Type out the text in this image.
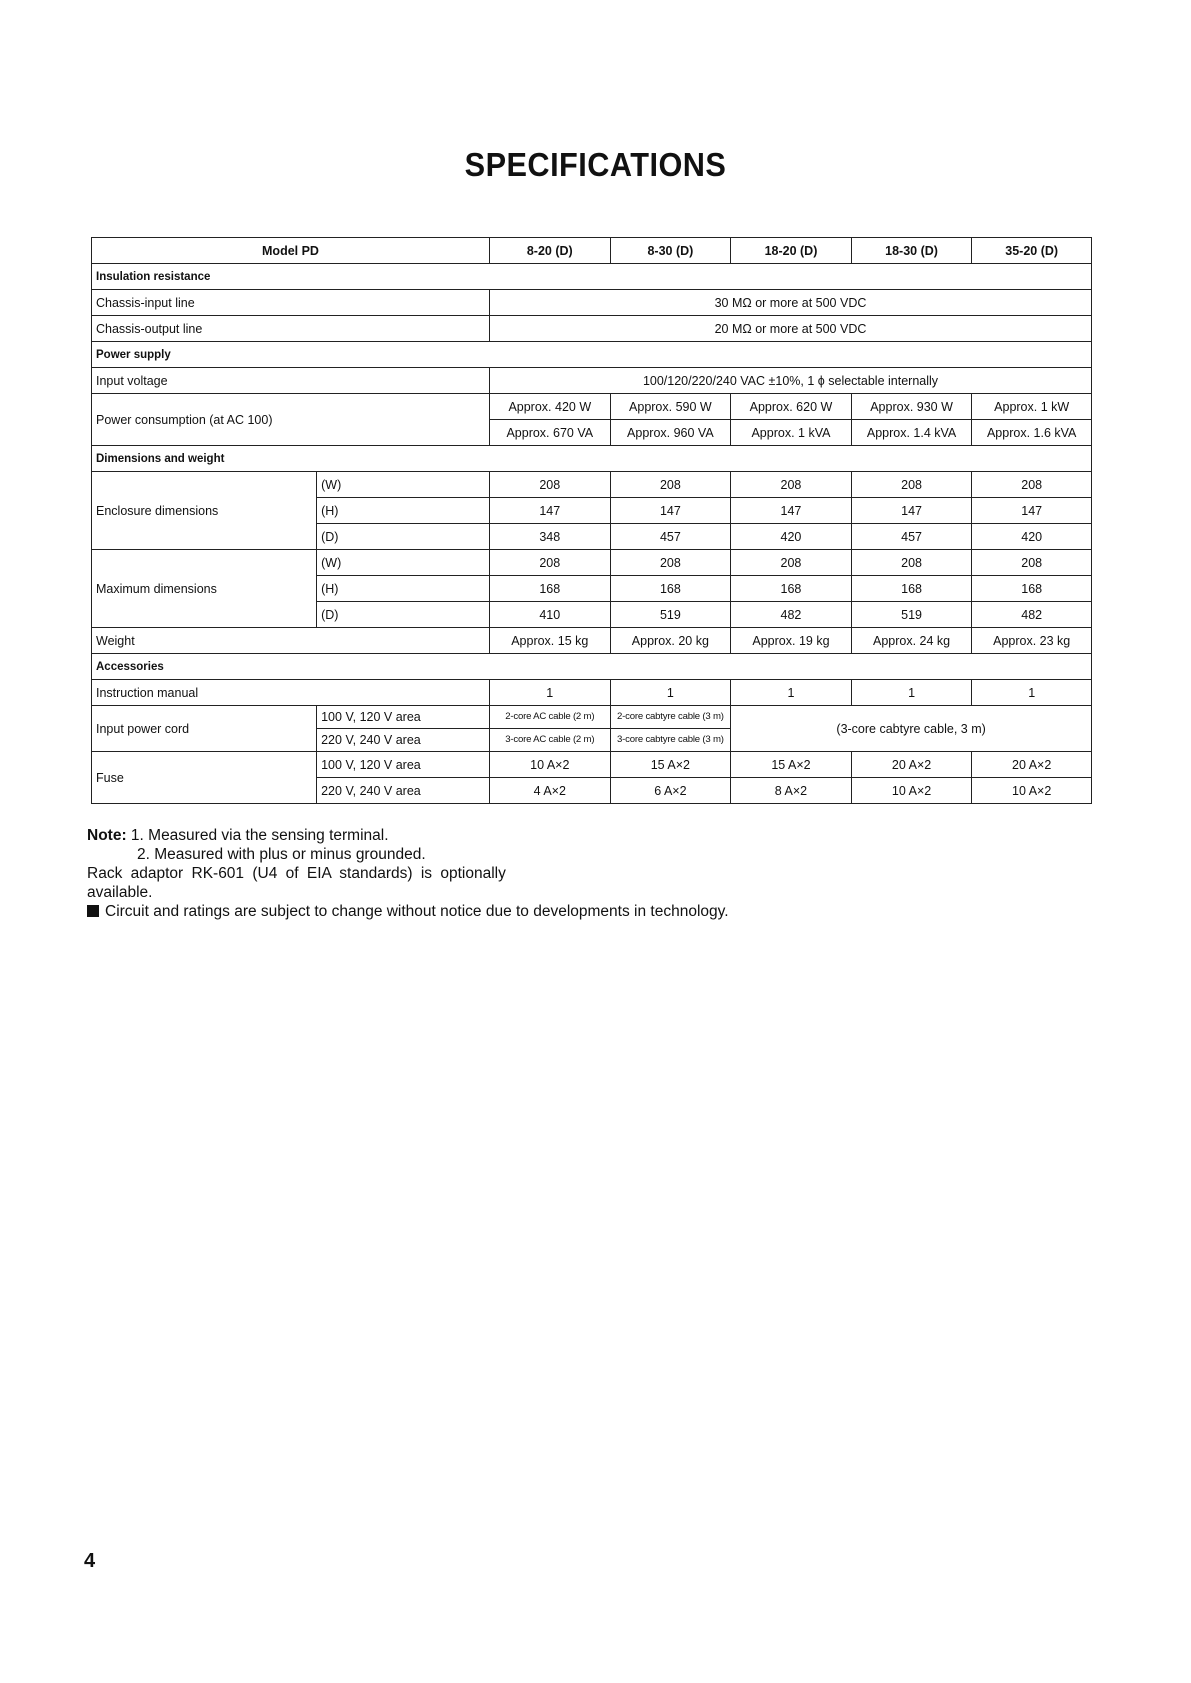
SPECIFICATIONS
Model PD		8-20 (D)	8-30 (D)	18-20 (D)	18-30 (D)	35-20 (D)
Insulation resistance						
Chassis-input line		30 MΩ or more at 500 VDC				
Chassis-output line		20 MΩ or more at 500 VDC				
Power supply						
Input voltage		100/120/220/240 VAC ±10%, 1 ϕ selectable internally				
Power consumption (at AC 100)		Approx. 420 W	Approx. 590 W	Approx. 620 W	Approx. 930 W	Approx. 1 kW
		Approx. 670 VA	Approx. 960 VA	Approx. 1 kVA	Approx. 1.4 kVA	Approx. 1.6 kVA
Dimensions and weight						
Enclosure dimensions	(W)	208	208	208	208	208
	(H)	147	147	147	147	147
	(D)	348	457	420	457	420
Maximum dimensions	(W)	208	208	208	208	208
	(H)	168	168	168	168	168
	(D)	410	519	482	519	482
Weight		Approx. 15 kg	Approx. 20 kg	Approx. 19 kg	Approx. 24 kg	Approx. 23 kg
Accessories						
Instruction manual		1	1	1	1	1
Input power cord	100 V, 120 V area	2-core AC cable (2 m)	2-core cabtyre cable (3 m)	(3-core cabtyre cable, 3 m)		
	220 V, 240 V area	3-core AC cable (2 m)	3-core cabtyre cable (3 m)			
Fuse	100 V, 120 V area	10 A×2	15 A×2	15 A×2	20 A×2	20 A×2
	220 V, 240 V area	4 A×2	6 A×2	8 A×2	10 A×2	10 A×2
Note: 1. Measured via the sensing terminal.
2. Measured with plus or minus grounded.
Rack adaptor RK-601 (U4 of EIA standards) is optionally
available.
Circuit and ratings are subject to change without notice due to developments in technology.
4
